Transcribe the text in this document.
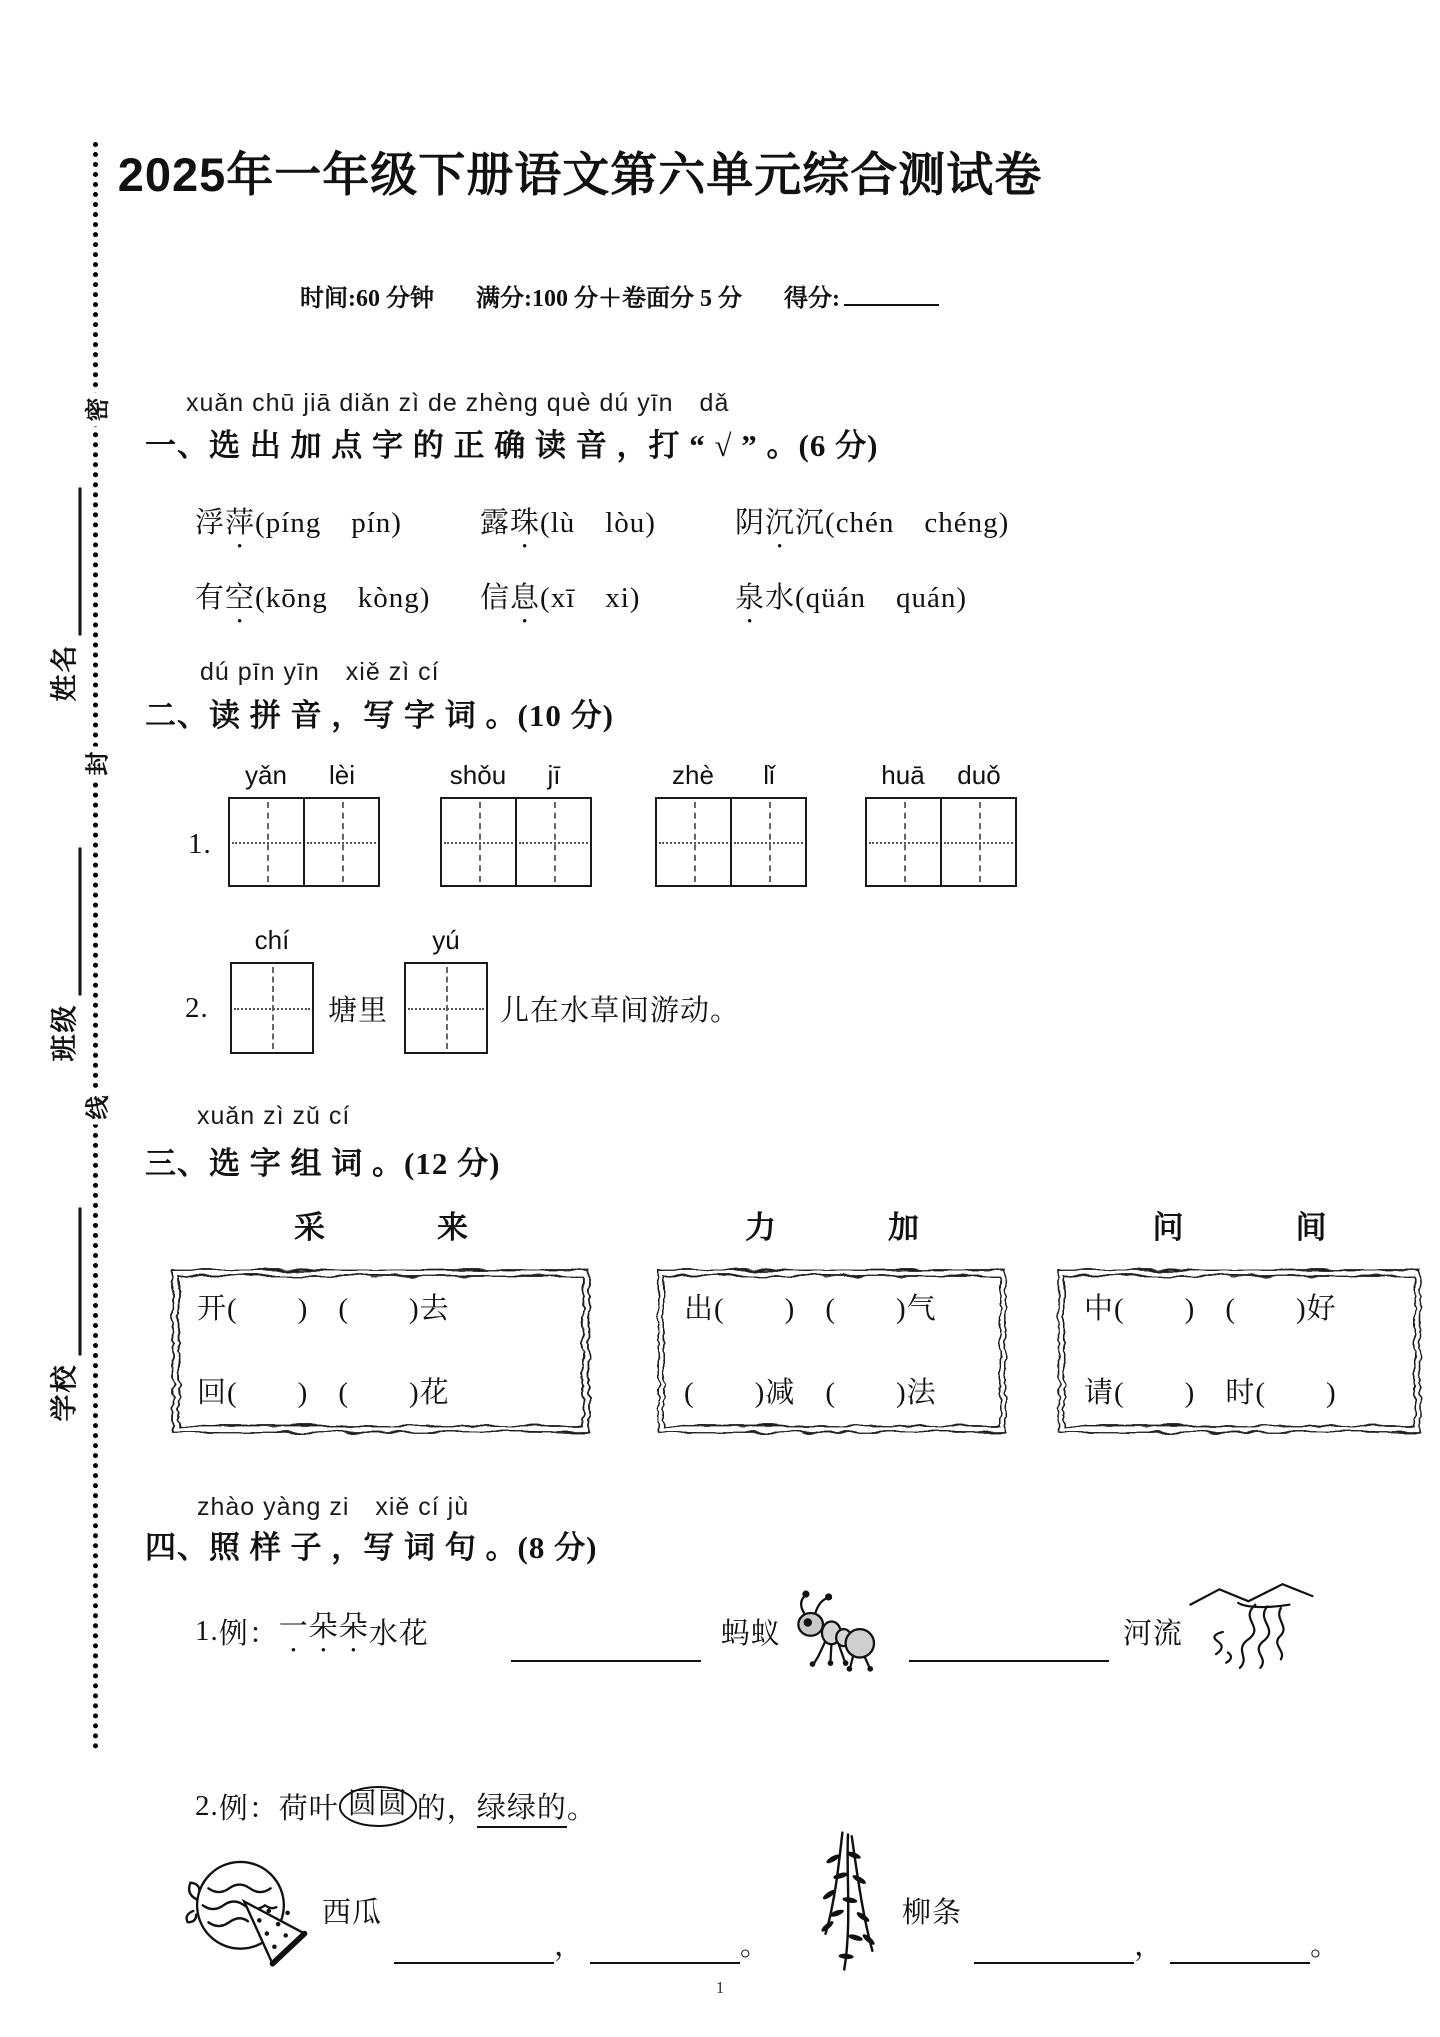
密
封
线
姓名
班级
学校
2025年一年级下册语文第六单元综合测试卷
时间:60 分钟 满分:100 分＋卷面分 5 分 得分:
xuǎn chū jiā diǎn zì de zhèng què dú yīn　dǎ
一、选 出 加 点 字 的 正 确 读 音 ，打 “ √ ” 。(6 分)
浮萍(píng　pín)	露珠(lù　lòu)	阴沉沉(chén　chéng)
有空(kōng　kòng) 信息(xī　xi)	泉水(qüán　quán)
dú pīn yīn　xiě zì cí
二、读 拼 音 ，写 字 词 。(10 分)
1.
yǎn	lèi	shǒu	jī	zhè	lǐ	huā	duǒ
2.
chí
塘里
yú
儿在水草间游动。
xuǎn zì zǔ cí
三、选 字 组 词 。(12 分)
采	来	力	加	问	间
开(　　)　(　　)去
回(　　)　(　　)花
出(　　)　(　　)气
(　　)减　(　　)法
中(　　)　(　　)好
请(　　)　时(　　)
zhào yàng zi　xiě cí jù
四、照 样 子 ，写 词 句 。(8 分)
1. 例： 一朵朵 水花	蚂蚁	河流
2. 例： 荷叶 圆圆 的， 绿绿的 。
西瓜
，	。
柳条
，	。
1
